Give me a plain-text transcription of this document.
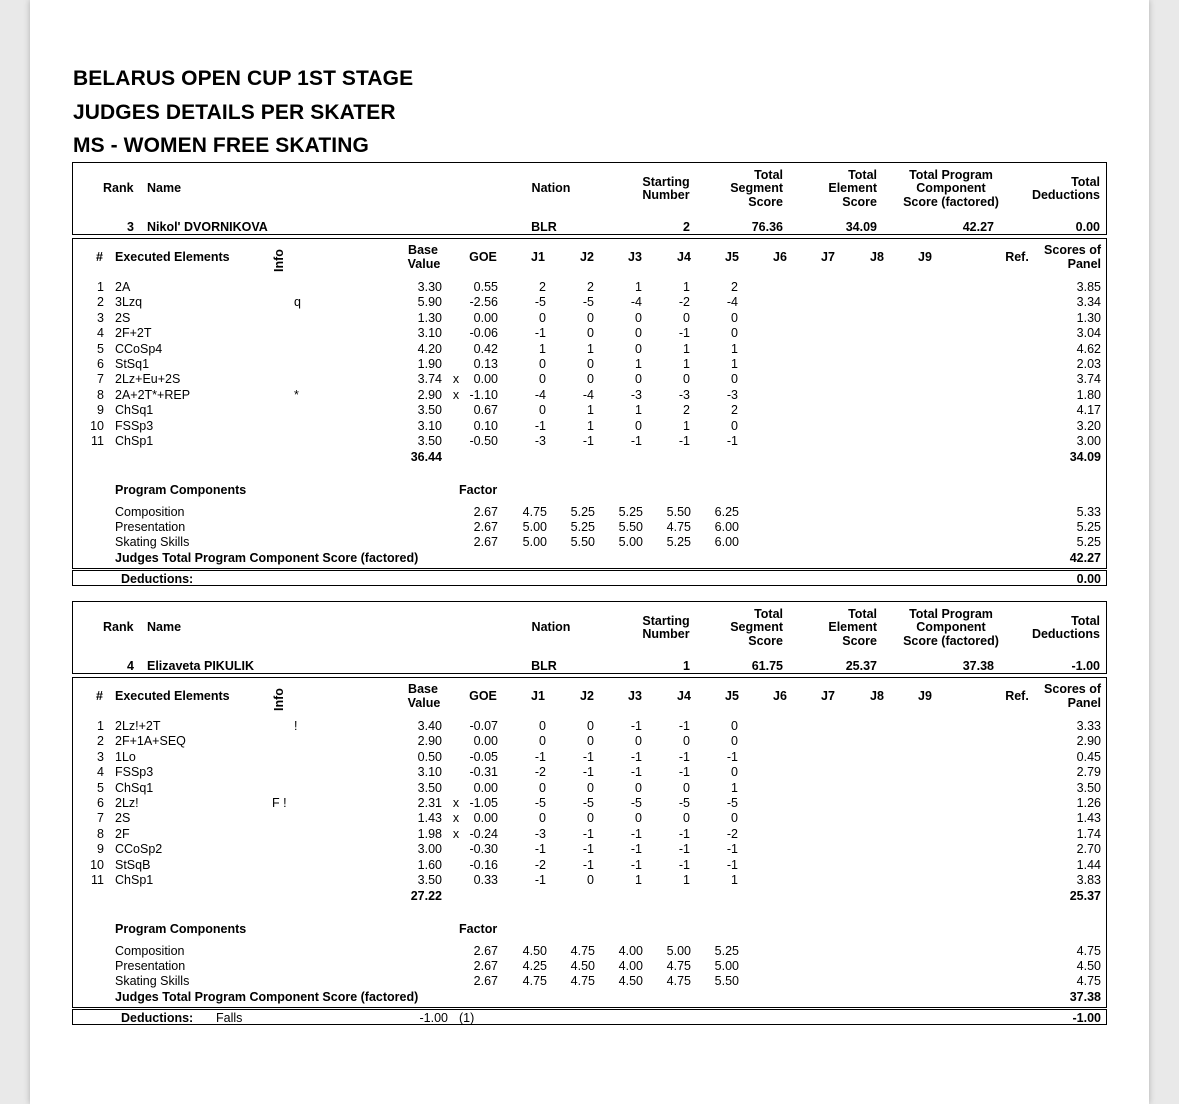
BELARUS OPEN CUP 1ST STAGE
JUDGES DETAILS PER SKATER
MS - WOMEN FREE SKATING
Rank Name	Nation	Starting
Number
Total
Segment
Score
Total
Element
Score
Total Program
Component
Score (factored)
Total
Deductions
3 Nikol' DVORNIKOVA	BLR	2	76.36	34.09	42.27	0.00
# Executed Elements	Info	Base
Value	GOE	J1	J2	J3	J4	J5	J6	J7	J8	J9	Ref.	Scores of
Panel
1 2A	3.30	0.55	2	2	1	1	2	3.85
2 3Lzq	q	5.90	-2.56	-5	-5	-4	-2	-4	3.34
3 2S	1.30	0.00	0	0	0	0	0	1.30
4 2F+2T	3.10	-0.06	-1	0	0	-1	0	3.04
5 CCoSp4	4.20	0.42	1	1	0	1	1	4.62
6 StSq1	1.90	0.13	0	0	1	1	1	2.03
7 2Lz+Eu+2S	3.74 x	0.00	0	0	0	0	0	3.74
8 2A+2T*+REP	*	2.90 x -1.10	-4	-4	-3	-3	-3	1.80
9 ChSq1	3.50	0.67	0	1	1	2	2	4.17
10 FSSp3	3.10	0.10	-1	1	0	1	0	3.20
11 ChSp1	3.50	-0.50	-3	-1	-1	-1	-1	3.00
36.44	34.09
Program Components	Factor
Composition	2.67	4.75	5.25	5.25	5.50	6.25	5.33
Presentation	2.67	5.00	5.25	5.50	4.75	6.00	5.25
Skating Skills	2.67	5.00	5.50	5.00	5.25	6.00	5.25
Judges Total Program Component Score (factored)	42.27
Deductions:	0.00
Rank Name	Nation	Starting
Number
Total
Segment
Score
Total
Element
Score
Total Program
Component
Score (factored)
Total
Deductions
4 Elizaveta PIKULIK	BLR	1	61.75	25.37	37.38	-1.00
# Executed Elements	Info	Base
Value	GOE	J1	J2	J3	J4	J5	J6	J7	J8	J9	Ref.	Scores of
Panel
1 2Lz!+2T	!	3.40	-0.07	0	0	-1	-1	0	3.33
2 2F+1A+SEQ	2.90	0.00	0	0	0	0	0	2.90
3 1Lo	0.50	-0.05	-1	-1	-1	-1	-1	0.45
4 FSSp3	3.10	-0.31	-2	-1	-1	-1	0	2.79
5 ChSq1	3.50	0.00	0	0	0	0	1	3.50
6 2Lz!	F !	2.31 x -1.05	-5	-5	-5	-5	-5	1.26
7 2S	1.43 x	0.00	0	0	0	0	0	1.43
8 2F	1.98 x -0.24	-3	-1	-1	-1	-2	1.74
9 CCoSp2	3.00	-0.30	-1	-1	-1	-1	-1	2.70
10 StSqB	1.60	-0.16	-2	-1	-1	-1	-1	1.44
11 ChSp1	3.50	0.33	-1	0	1	1	1	3.83
27.22	25.37
Program Components	Factor
Composition	2.67	4.50	4.75	4.00	5.00	5.25	4.75
Presentation	2.67	4.25	4.50	4.00	4.75	5.00	4.50
Skating Skills	2.67	4.75	4.75	4.50	4.75	5.50	4.75
Judges Total Program Component Score (factored)	37.38
Deductions: Falls	-1.00 (1)	-1.00
